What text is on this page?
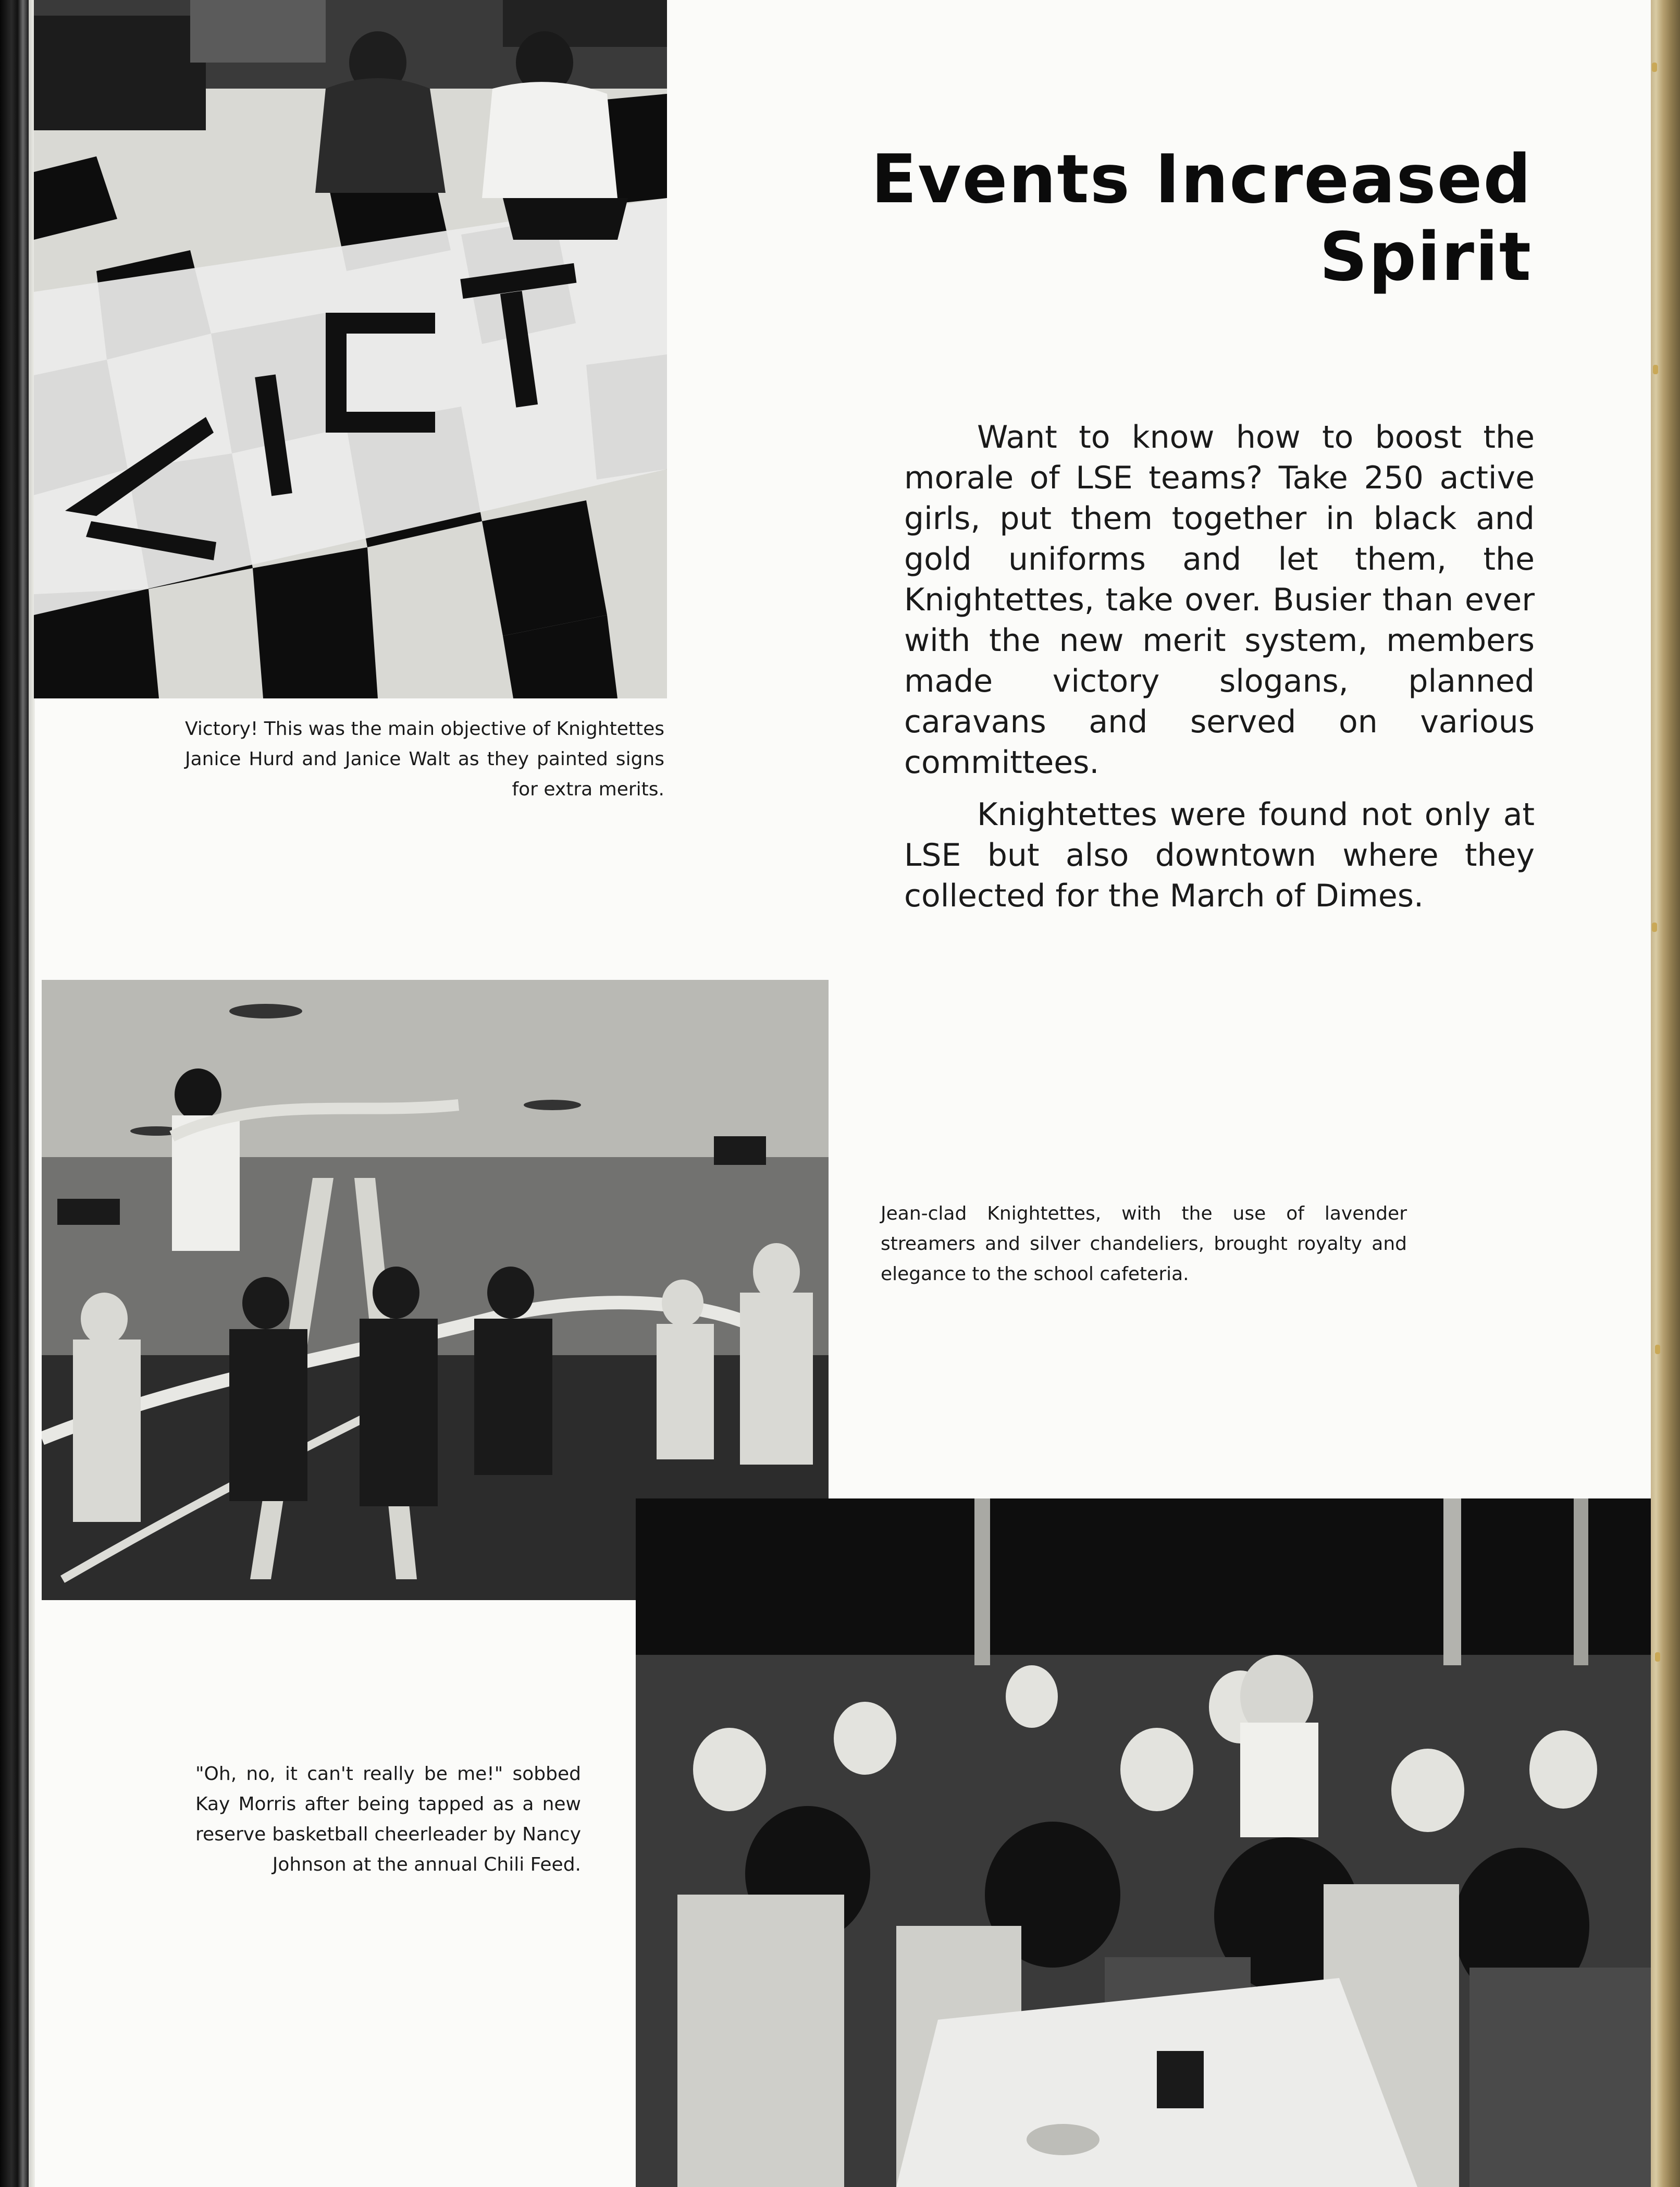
Victory! This was the main objective of Knightettes Janice Hurd and Janice Walt as they painted signs for extra merits.
Events Increased Spirit

Want to know how to boost the morale of LSE teams? Take 250 active girls, put them together in black and gold uniforms and let them, the Knightettes, take over. Busier than ever with the new merit system, members made victory slogans, planned caravans and served on various committees.

Knightettes were found not only at LSE but also downtown where they collected for the March of Dimes.

Jean-clad Knightettes, with the use of lavender streamers and silver chandeliers, brought royalty and elegance to the school cafeteria.
"Oh, no, it can't really be me!" sobbed Kay Morris after being tapped as a new reserve basketball cheerleader by Nancy Johnson at the annual Chili Feed.
